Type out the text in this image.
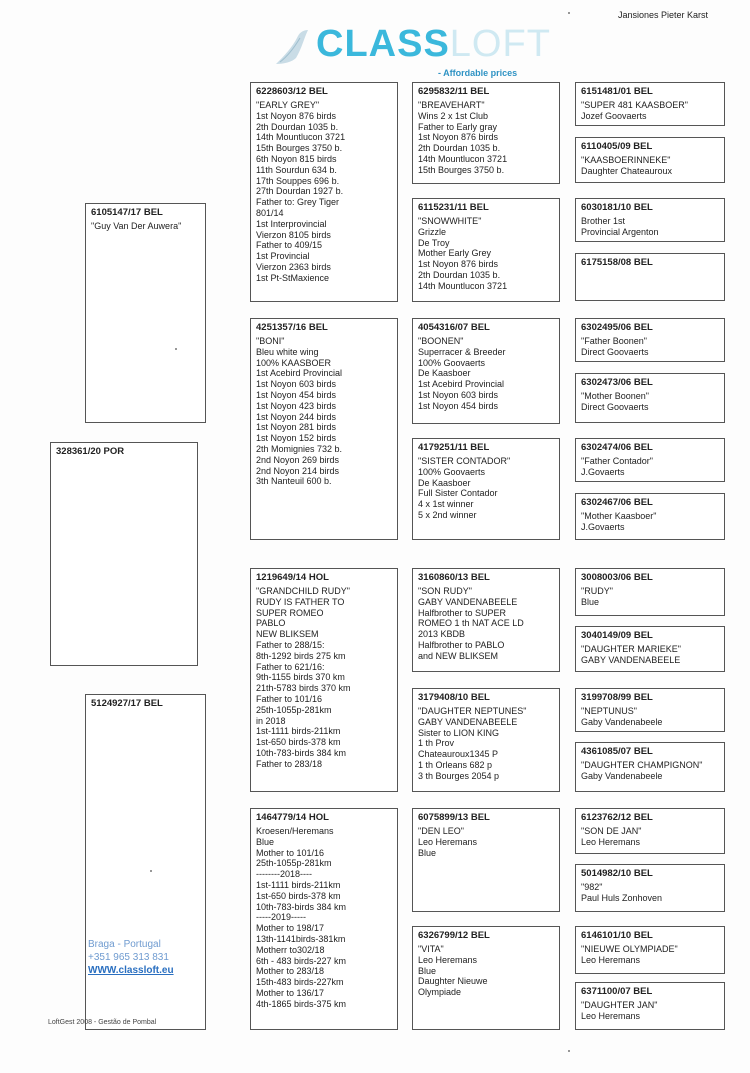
Jansiones Pieter Karst
CLASSLOFT
- Affordable prices
328361/20 POR
6105147/17 BEL
"Guy Van Der Auwera"
5124927/17 BEL
6228603/12 BEL
"EARLY GREY"
1st Noyon 876 birds
2th Dourdan 1035 b.
14th Mountlucon 3721
15th Bourges 3750 b.
6th Noyon 815 birds
11th Sourdun 634 b.
17th Souppes 696 b.
27th Dourdan 1927 b.
Father to: Grey Tiger
801/14
1st Interprovincial
Vierzon 8105 birds
Father to 409/15
1st Provincial
Vierzon 2363 birds
1st Pt-StMaxience
4251357/16 BEL
"BONI"
Bleu white wing
100% KAASBOER
1st Acebird Provincial
1st Noyon 603 birds
1st Noyon 454 birds
1st Noyon 423 birds
1st Noyon 244 birds
1st Noyon 281 birds
1st Noyon 152 birds
2th Momignies 732 b.
2nd Noyon 269 birds
2nd Noyon 214 birds
3th Nanteuil 600 b.
1219649/14 HOL
"GRANDCHILD RUDY"
RUDY IS FATHER TO
SUPER ROMEO
PABLO
NEW BLIKSEM
Father to 288/15:
8th-1292 birds 275 km
Father to 621/16:
9th-1155 birds 370 km
21th-5783 birds 370 km
Father to 101/16
25th-1055p-281km
in 2018
1st-1111 birds-211km
1st-650 birds-378 km
10th-783-birds 384 km
Father to 283/18
1464779/14 HOL
Kroesen/Heremans
Blue
Mother to 101/16
25th-1055p-281km
--------2018----
1st-1111 birds-211km
1st-650 birds-378 km
10th-783-birds 384 km
-----2019-----
Mother to 198/17
13th-1141birds-381km
Motherr to302/18
6th - 483 birds-227 km
Mother to 283/18
15th-483 birds-227km
Mother to 136/17
4th-1865 birds-375 km
6295832/11 BEL
"BREAVEHART"
Wins 2 x 1st Club
Father to Early gray
1st Noyon 876 birds
2th Dourdan 1035 b.
14th Mountlucon 3721
15th Bourges 3750 b.
6115231/11 BEL
"SNOWWHITE"
Grizzle
De Troy
Mother Early Grey
1st Noyon 876 birds
2th Dourdan 1035 b.
14th Mountlucon 3721
4054316/07 BEL
"BOONEN"
Superracer & Breeder
100% Goovaerts
De Kaasboer
1st Acebird Provincial
1st Noyon 603 birds
1st Noyon 454 birds
4179251/11 BEL
"SISTER CONTADOR"
100% Goovaerts
De Kaasboer
Full Sister Contador
4 x 1st winner
5 x 2nd winner
3160860/13 BEL
"SON RUDY"
GABY VANDENABEELE
Halfbrother to SUPER
ROMEO 1 th NAT ACE LD
2013 KBDB
Halfbrother to PABLO
and NEW BLIKSEM
3179408/10 BEL
"DAUGHTER NEPTUNES"
GABY VANDENABEELE
Sister to LION KING
1 th Prov
Chateauroux1345 P
1 th Orleans 682 p
3 th Bourges 2054 p
6075899/13 BEL
"DEN LEO"
Leo Heremans
Blue
6326799/12 BEL
"VITA"
Leo Heremans
Blue
Daughter Nieuwe
Olympiade
6151481/01 BEL
"SUPER 481 KAASBOER"
Jozef Goovaerts
6110405/09 BEL
"KAASBOERINNEKE"
Daughter Chateauroux
6030181/10 BEL
Brother 1st
Provincial Argenton
6175158/08 BEL
6302495/06 BEL
"Father Boonen"
Direct Goovaerts
6302473/06 BEL
"Mother Boonen"
Direct Goovaerts
6302474/06 BEL
"Father Contador"
J.Govaerts
6302467/06 BEL
"Mother Kaasboer"
J.Govaerts
3008003/06 BEL
"RUDY"
Blue
3040149/09 BEL
"DAUGHTER MARIEKE"
GABY VANDENABEELE
3199708/99 BEL
"NEPTUNUS"
Gaby Vandenabeele
4361085/07 BEL
"DAUGHTER CHAMPIGNON"
Gaby Vandenabeele
6123762/12 BEL
"SON DE JAN"
Leo Heremans
5014982/10 BEL
"982"
Paul Huls Zonhoven
6146101/10 BEL
"NIEUWE OLYMPIADE"
Leo Heremans
6371100/07 BEL
"DAUGHTER JAN"
Leo Heremans
Braga - Portugal
+351 965 313 831
WWW.classloft.eu
LoftGest 2008 - Gestão de Pombal
